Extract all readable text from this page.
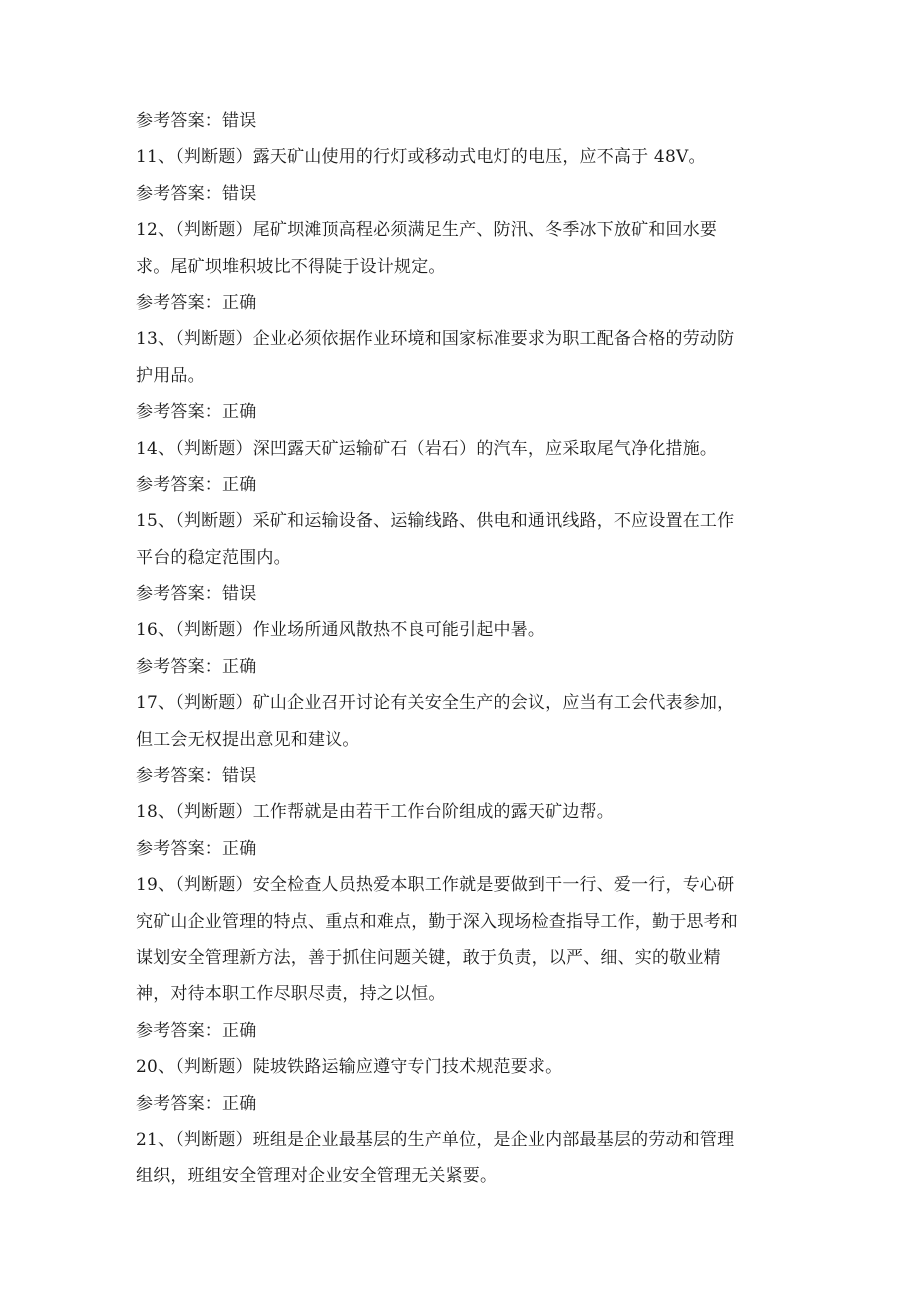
参考答案：错误
11、（判断题）露天矿山使用的行灯或移动式电灯的电压，应不高于 48V。
参考答案：错误
12、（判断题）尾矿坝滩顶高程必须满足生产、防汛、冬季冰下放矿和回水要
求。尾矿坝堆积坡比不得陡于设计规定。
参考答案：正确
13、（判断题）企业必须依据作业环境和国家标准要求为职工配备合格的劳动防
护用品。
参考答案：正确
14、（判断题）深凹露天矿运输矿石（岩石）的汽车，应采取尾气净化措施。
参考答案：正确
15、（判断题）采矿和运输设备、运输线路、供电和通讯线路，不应设置在工作
平台的稳定范围内。
参考答案：错误
16、（判断题）作业场所通风散热不良可能引起中暑。
参考答案：正确
17、（判断题）矿山企业召开讨论有关安全生产的会议，应当有工会代表参加，
但工会无权提出意见和建议。
参考答案：错误
18、（判断题）工作帮就是由若干工作台阶组成的露天矿边帮。
参考答案：正确
19、（判断题）安全检查人员热爱本职工作就是要做到干一行、爱一行，专心研
究矿山企业管理的特点、重点和难点，勤于深入现场检查指导工作，勤于思考和
谋划安全管理新方法，善于抓住问题关键，敢于负责，以严、细、实的敬业精
神，对待本职工作尽职尽责，持之以恒。
参考答案：正确
20、（判断题）陡坡铁路运输应遵守专门技术规范要求。
参考答案：正确
21、（判断题）班组是企业最基层的生产单位，是企业内部最基层的劳动和管理
组织，班组安全管理对企业安全管理无关紧要。
